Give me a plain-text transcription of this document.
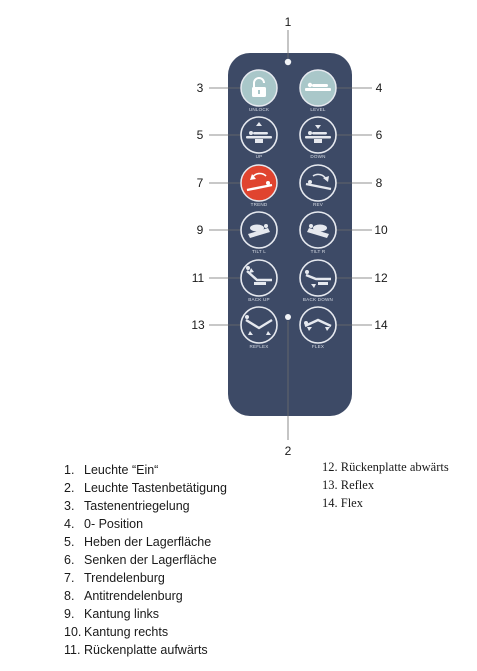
1
2
3	4
5	6
7	8
9	10
11	12
13	14
UNLOCK	LEVEL
UP	DOWN
TREND	REV
TILT L	TILT R
BACK UP	BACK DOWN
REFLEX	FLEX
1. Leuchte “Ein“
2. Leuchte Tastenbetätigung
3. Tastenentriegelung
4. 0- Position
5. Heben der Lagerfläche
6. Senken der Lagerfläche
7. Trendelenburg
8. Antitrendelenburg
9. Kantung links
10. Kantung rechts
11. Rückenplatte aufwärts
12. Rückenplatte abwärts
13. Reflex
14. Flex
